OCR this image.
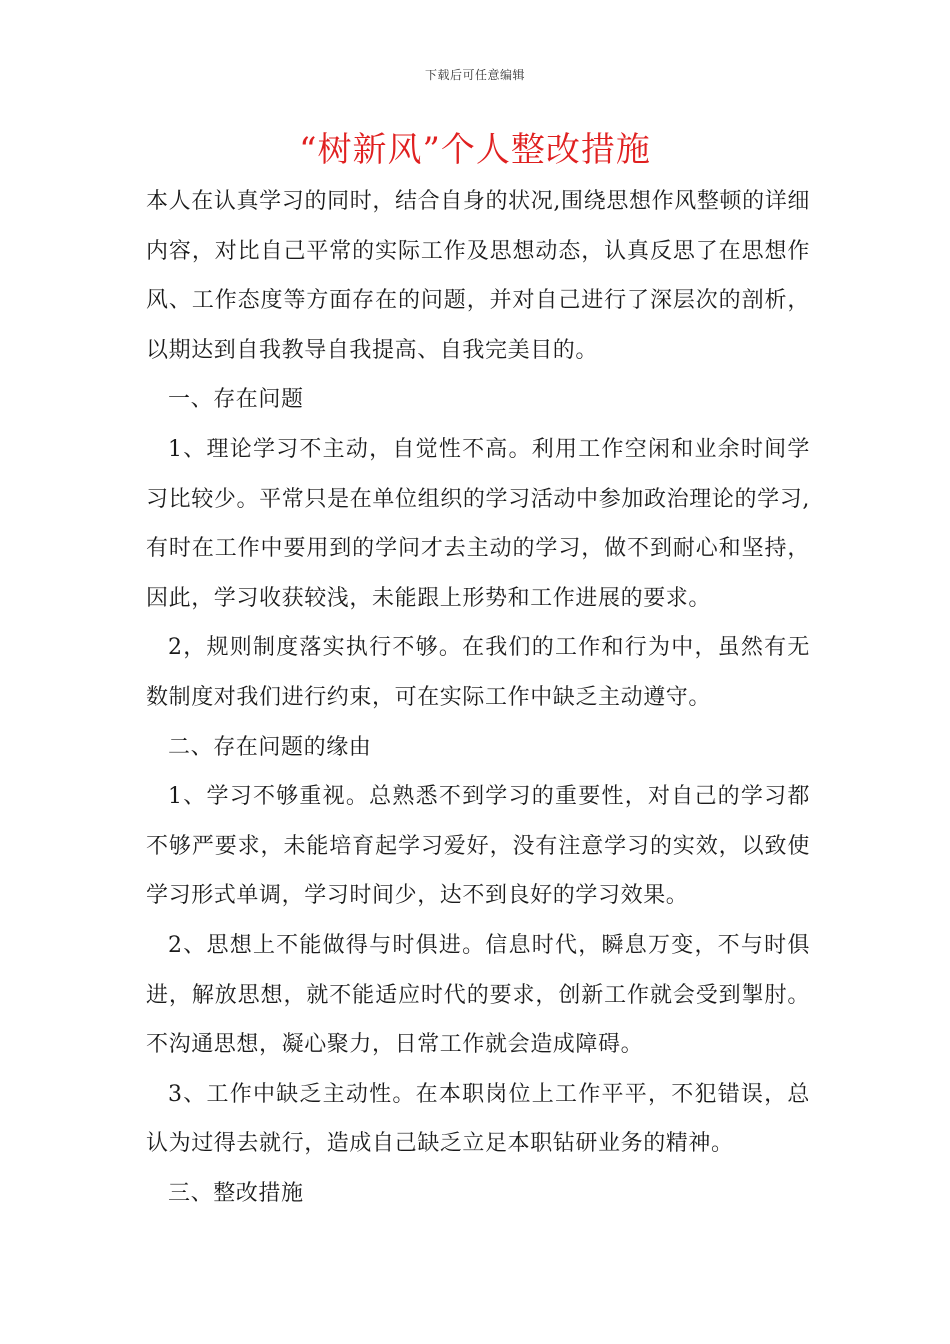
下载后可任意编辑
“树新风”个人整改措施

本人在认真学习的同时，结合自身的状况,围绕思想作风整顿的详细内容，对比自己平常的实际工作及思想动态，认真反思了在思想作风、工作态度等方面存在的问题，并对自己进行了深层次的剖析，以期达到自我教导自我提高、自我完美目的。

一、存在问题

1、理论学习不主动，自觉性不高。利用工作空闲和业余时间学习比较少。平常只是在单位组织的学习活动中参加政治理论的学习,有时在工作中要用到的学问才去主动的学习，做不到耐心和坚持，因此，学习收获较浅，未能跟上形势和工作进展的要求。

2，规则制度落实执行不够。在我们的工作和行为中，虽然有无数制度对我们进行约束，可在实际工作中缺乏主动遵守。

二、存在问题的缘由

1、学习不够重视。总熟悉不到学习的重要性，对自己的学习都不够严要求，未能培育起学习爱好，没有注意学习的实效，以致使学习形式单调，学习时间少，达不到良好的学习效果。

2、思想上不能做得与时俱进。信息时代，瞬息万变，不与时俱进，解放思想，就不能适应时代的要求，创新工作就会受到掣肘。不沟通思想，凝心聚力，日常工作就会造成障碍。

3、工作中缺乏主动性。在本职岗位上工作平平，不犯错误，总认为过得去就行，造成自己缺乏立足本职钻研业务的精神。

三、整改措施
